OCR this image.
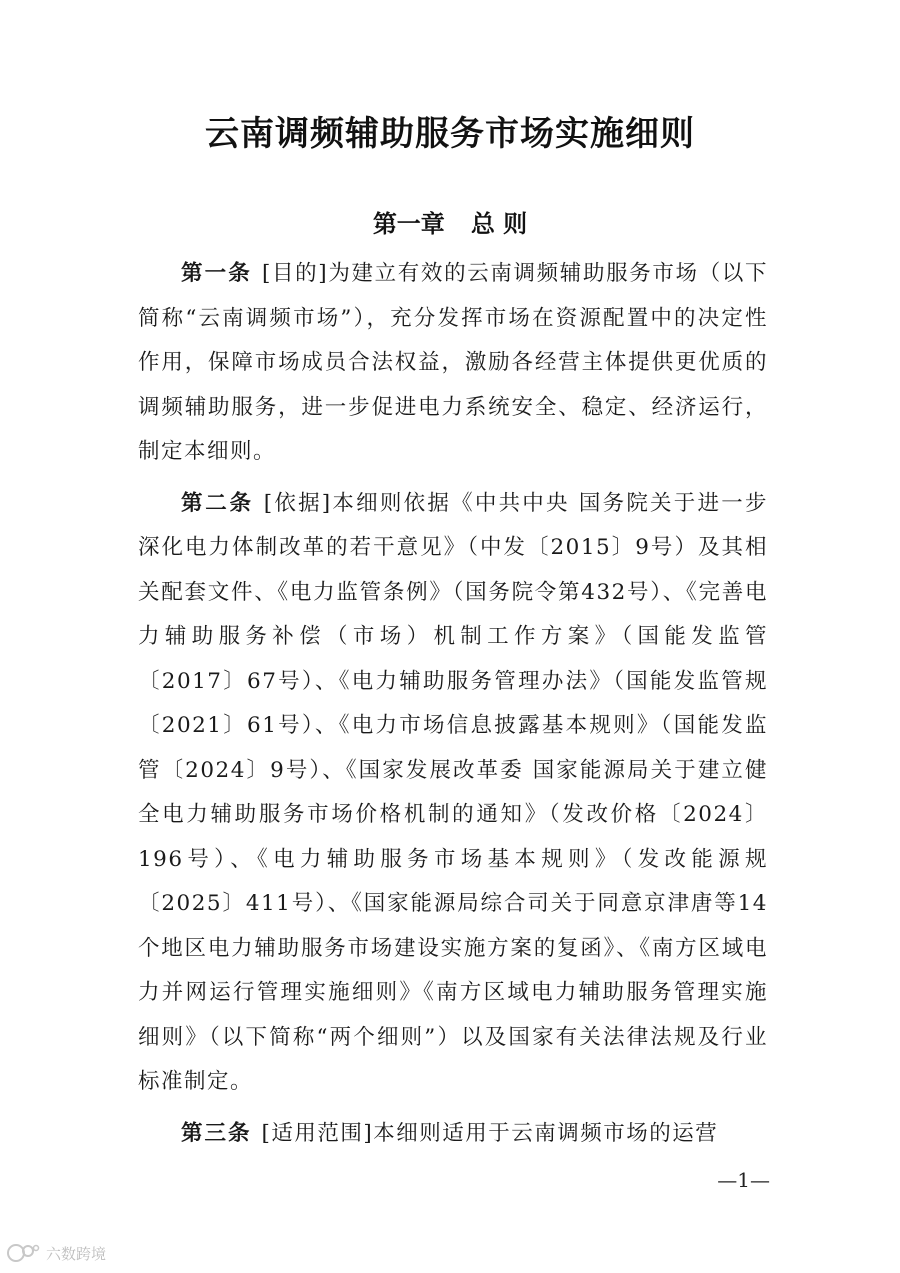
云南调频辅助服务市场实施细则
第一章 总 则

第一条 [目的]为建立有效的云南调频辅助服务市场（以下简称“云南调频市场”），充分发挥市场在资源配置中的决定性作用，保障市场成员合法权益，激励各经营主体提供更优质的调频辅助服务，进一步促进电力系统安全、稳定、经济运行，制定本细则。

第二条 [依据]本细则依据《中共中央 国务院关于进一步深化电力体制改革的若干意见》（中发〔2015〕9号）及其相关配套文件、《电力监管条例》（国务院令第432号）、《完善电力辅助服务补偿（市场）机制工作方案》（国能发监管〔2017〕67号）、《电力辅助服务管理办法》（国能发监管规〔2021〕61号）、《电力市场信息披露基本规则》（国能发监管〔2024〕9号）、《国家发展改革委 国家能源局关于建立健全电力辅助服务市场价格机制的通知》（发改价格〔2024〕196号）、《电力辅助服务市场基本规则》（发改能源规〔2025〕411号）、《国家能源局综合司关于同意京津唐等14个地区电力辅助服务市场建设实施方案的复函》、《南方区域电力并网运行管理实施细则》《南方区域电力辅助服务管理实施细则》（以下简称“两个细则”）以及国家有关法律法规及行业标准制定。

第三条 [适用范围]本细则适用于云南调频市场的运营

—1—
六数跨境
